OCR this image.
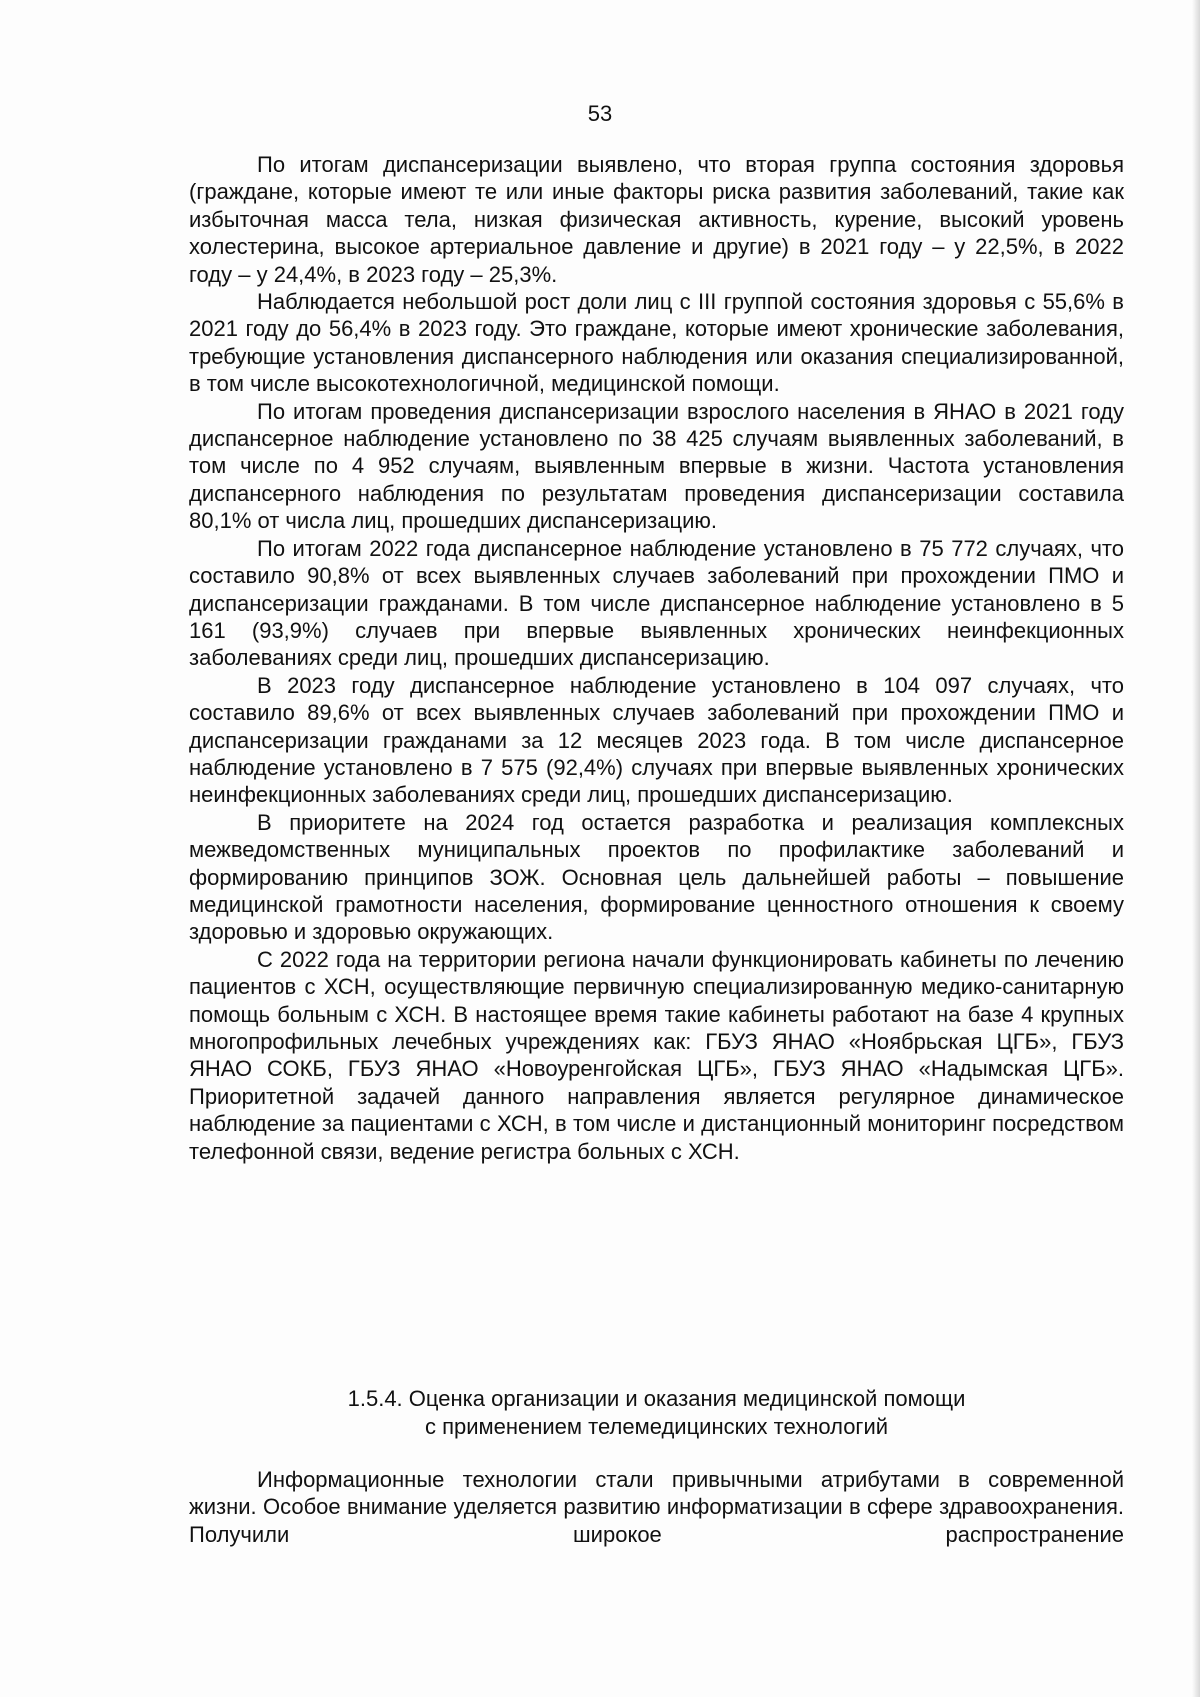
53

По итогам диспансеризации выявлено, что вторая группа состояния здоровья (граждане, которые имеют те или иные факторы риска развития заболеваний, такие как избыточная масса тела, низкая физическая активность, курение, высокий уровень холестерина, высокое артериальное давление и другие) в 2021 году – у 22,5%, в 2022 году – у 24,4%, в 2023 году – 25,3%.

Наблюдается небольшой рост доли лиц с III группой состояния здоровья с 55,6% в 2021 году до 56,4% в 2023 году. Это граждане, которые имеют хронические заболевания, требующие установления диспансерного наблюдения или оказания специализированной, в том числе высокотехнологичной, медицинской помощи.

По итогам проведения диспансеризации взрослого населения в ЯНАО в 2021 году диспансерное наблюдение установлено по 38 425 случаям выявленных заболеваний, в том числе по 4 952 случаям, выявленным впервые в жизни. Частота установления диспансерного наблюдения по результатам проведения диспансеризации составила 80,1% от числа лиц, прошедших диспансеризацию.

По итогам 2022 года диспансерное наблюдение установлено в 75 772 случаях, что составило 90,8% от всех выявленных случаев заболеваний при прохождении ПМО и диспансеризации гражданами. В том числе диспансерное наблюдение установлено в 5 161 (93,9%) случаев при впервые выявленных хронических неинфекционных заболеваниях среди лиц, прошедших диспансеризацию.

В 2023 году диспансерное наблюдение установлено в 104 097 случаях, что составило 89,6% от всех выявленных случаев заболеваний при прохождении ПМО и диспансеризации гражданами за 12 месяцев 2023 года. В том числе диспансерное наблюдение установлено в 7 575 (92,4%) случаях при впервые выявленных хронических неинфекционных заболеваниях среди лиц, прошедших диспансеризацию.

В приоритете на 2024 год остается разработка и реализация комплексных межведомственных муниципальных проектов по профилактике заболеваний и формированию принципов ЗОЖ. Основная цель дальнейшей работы – повышение медицинской грамотности населения, формирование ценностного отношения к своему здоровью и здоровью окружающих.

С 2022 года на территории региона начали функционировать кабинеты по лечению пациентов с ХСН, осуществляющие первичную специализированную медико-санитарную помощь больным с ХСН. В настоящее время такие кабинеты работают на базе 4 крупных многопрофильных лечебных учреждениях как: ГБУЗ ЯНАО «Ноябрьская ЦГБ», ГБУЗ ЯНАО СОКБ, ГБУЗ ЯНАО «Новоуренгойская ЦГБ», ГБУЗ ЯНАО «Надымская ЦГБ». Приоритетной задачей данного направления является регулярное динамическое наблюдение за пациентами с ХСН, в том числе и дистанционный мониторинг посредством телефонной связи, ведение регистра больных с ХСН.

1.5.4. Оценка организации и оказания медицинской помощи
с применением телемедицинских технологий

Информационные технологии стали привычными атрибутами в современной жизни. Особое внимание уделяется развитию информатизации в сфере здравоохранения. Получили широкое распространение
